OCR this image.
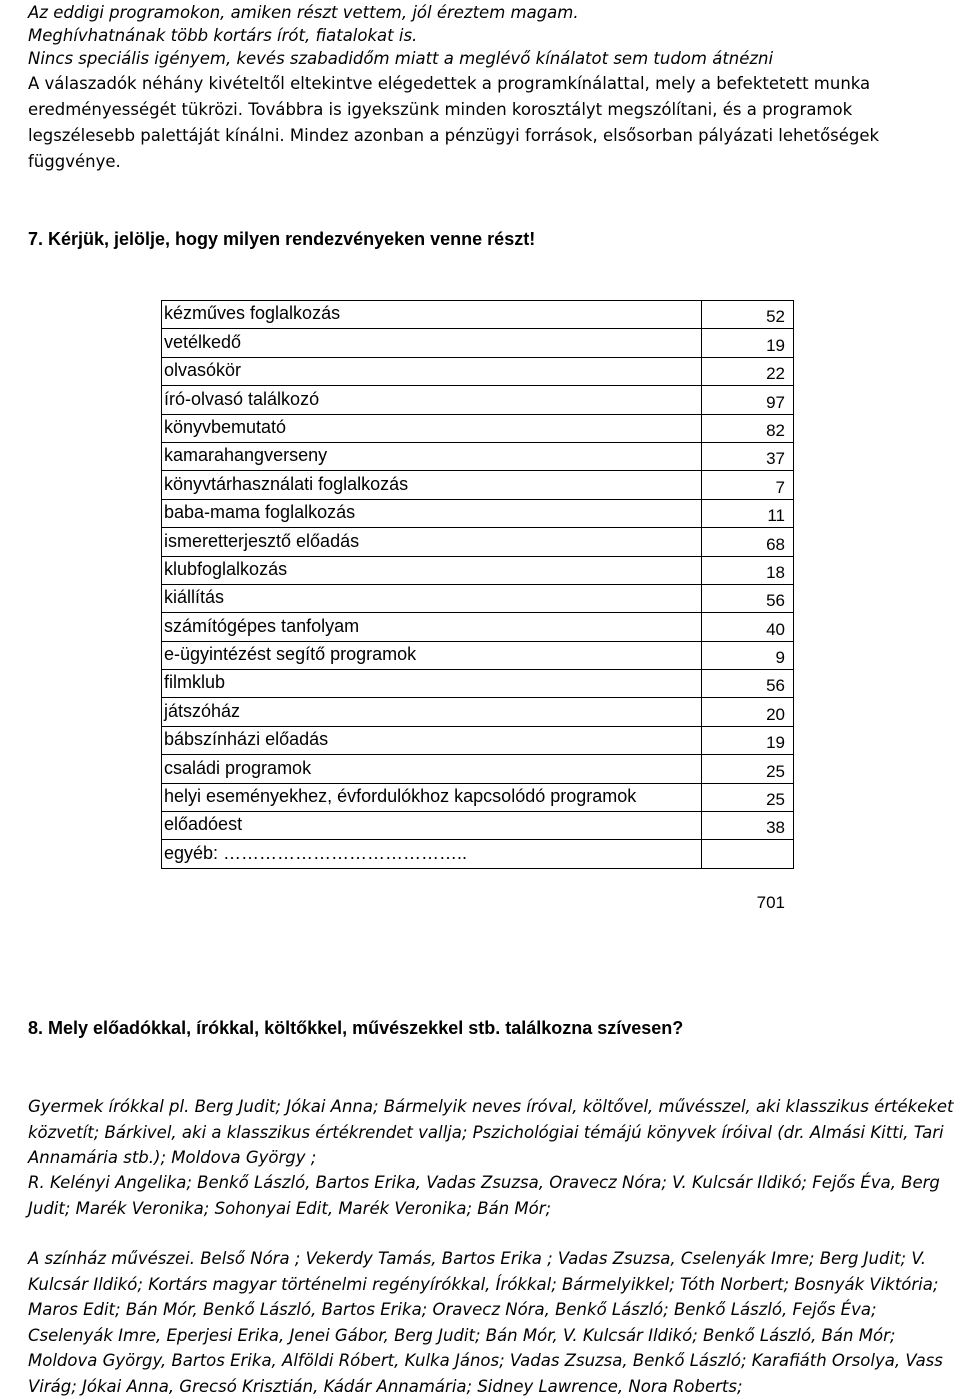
Az eddigi programokon, amiken részt vettem, jól éreztem magam.

Meghívhatnának több kortárs írót, fiatalokat is.

Nincs speciális igényem, kevés szabadidőm miatt a meglévő kínálatot sem tudom átnézni

A válaszadók néhány kivételtől eltekintve elégedettek a programkínálattal, mely a befektetett munka eredményességét tükrözi. Továbbra is igyekszünk minden korosztályt megszólítani, és a programok legszélesebb palettáját kínálni. Mindez azonban a pénzügyi források, elsősorban pályázati lehetőségek függvénye.

7. Kérjük, jelölje, hogy milyen rendezvényeken venne részt!

kézműves foglalkozás	52
vetélkedő	19
olvasókör	22
író-olvasó találkozó	97
könyvbemutató	82
kamarahangverseny	37
könyvtárhasználati foglalkozás	7
baba-mama foglalkozás	11
ismeretterjesztő előadás	68
klubfoglalkozás	18
kiállítás	56
számítógépes tanfolyam	40
e-ügyintézést segítő programok	9
filmklub	56
játszóház	20
bábszínházi előadás	19
családi programok	25
helyi eseményekhez, évfordulókhoz kapcsolódó programok	25
előadóest	38
egyéb: …………………………………..	
701

8. Mely előadókkal, írókkal, költőkkel, művészekkel stb. találkozna szívesen?

Gyermek írókkal pl. Berg Judit; Jókai Anna; Bármelyik neves íróval, költővel, művésszel, aki klasszikus értékeket közvetít; Bárkivel, aki a klasszikus értékrendet vallja; Pszichológiai témájú könyvek íróival (dr. Almási Kitti, Tari Annamária stb.); Moldova György ;

R. Kelényi Angelika; Benkő László, Bartos Erika, Vadas Zsuzsa, Oravecz Nóra; V. Kulcsár Ildikó; Fejős Éva, Berg Judit; Marék Veronika; Sohonyai Edit, Marék Veronika; Bán Mór;

A színház művészei. Belső Nóra ; Vekerdy Tamás, Bartos Erika ; Vadas Zsuzsa, Cselenyák Imre; Berg Judit; V. Kulcsár Ildikó; Kortárs magyar történelmi regényírókkal, Írókkal; Bármelyikkel; Tóth Norbert; Bosnyák Viktória; Maros Edit; Bán Mór, Benkő László, Bartos Erika; Oravecz Nóra, Benkő László; Benkő László, Fejős Éva; Cselenyák Imre, Eperjesi Erika, Jenei Gábor, Berg Judit; Bán Mór, V. Kulcsár Ildikó; Benkő László, Bán Mór; Moldova György, Bartos Erika, Alföldi Róbert, Kulka János; Vadas Zsuzsa, Benkő László; Karafiáth Orsolya, Vass Virág; Jókai Anna, Grecsó Krisztián, Kádár Annamária; Sidney Lawrence, Nora Roberts;
